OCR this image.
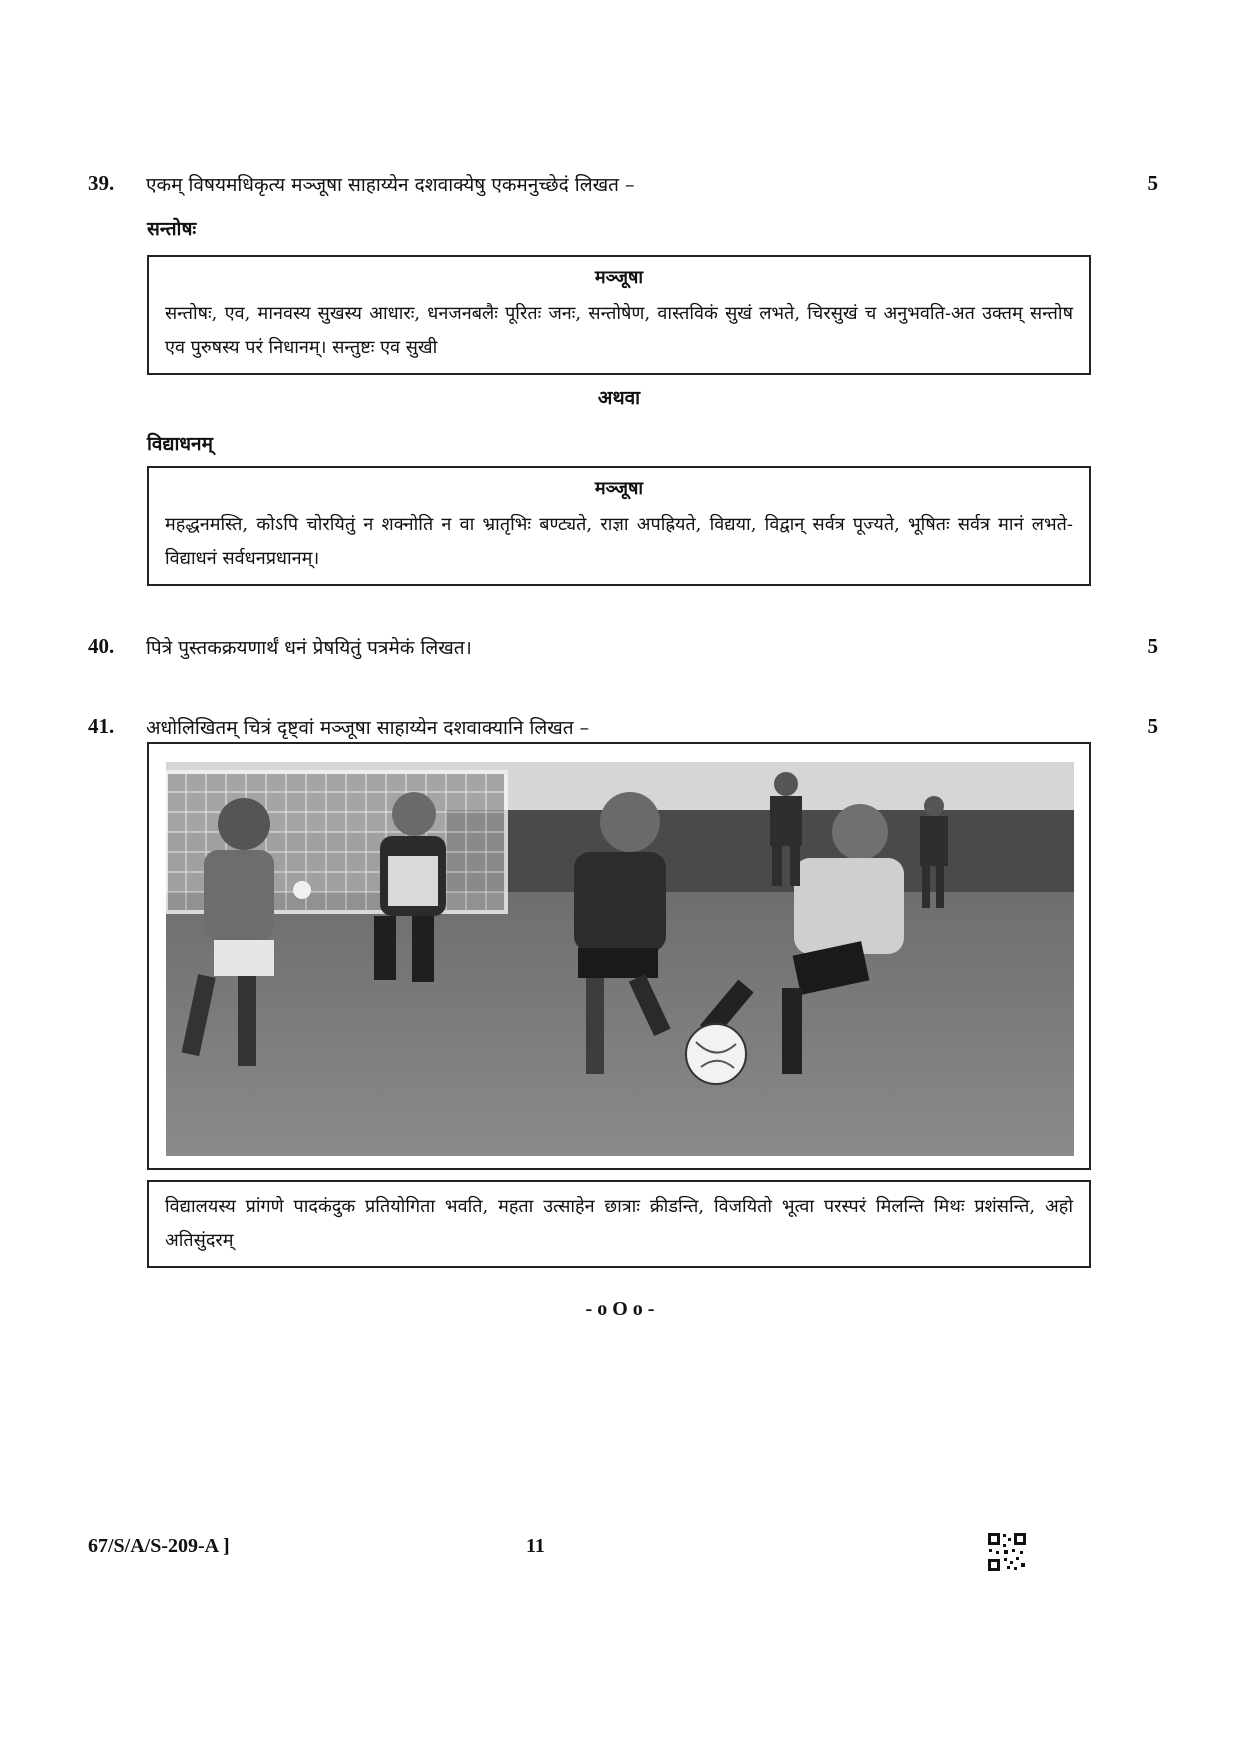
39. एकम् विषयमधिकृत्य मञ्जूषा साहाय्येन दशवाक्येषु एकमनुच्छेदं लिखत –	5
सन्तोषः
मञ्जूषा
सन्तोषः, एव, मानवस्य सुखस्य आधारः, धनजनबलैः पूरितः जनः, सन्तोषेण, वास्तविकं सुखं लभते, चिरसुखं च अनुभवति-अत उक्तम् सन्तोष एव पुरुषस्य परं निधानम्। सन्तुष्टः एव सुखी
अथवा
विद्याधनम्
मञ्जूषा
महद्धनमस्ति, कोऽपि चोरयितुं न शक्नोति न वा भ्रातृभिः बण्ट्यते, राज्ञा अपह्रियते, विद्यया, विद्वान् सर्वत्र पूज्यते, भूषितः सर्वत्र मानं लभते-विद्याधनं सर्वधनप्रधानम्।
40. पित्रे पुस्तकक्रयणार्थं धनं प्रेषयितुं पत्रमेकं लिखत।	5
41. अधोलिखितम् चित्रं दृष्ट्वां मञ्जूषा साहाय्येन दशवाक्यानि लिखत –	5
विद्यालयस्य प्रांगणे पादकंदुक प्रतियोगिता भवति, महता उत्साहेन छात्राः क्रीडन्ति, विजयितो भूत्वा परस्परं मिलन्ति मिथः प्रशंसन्ति, अहो अतिसुंदरम्
- o O o -
67/S/A/S-209-A ]	11
